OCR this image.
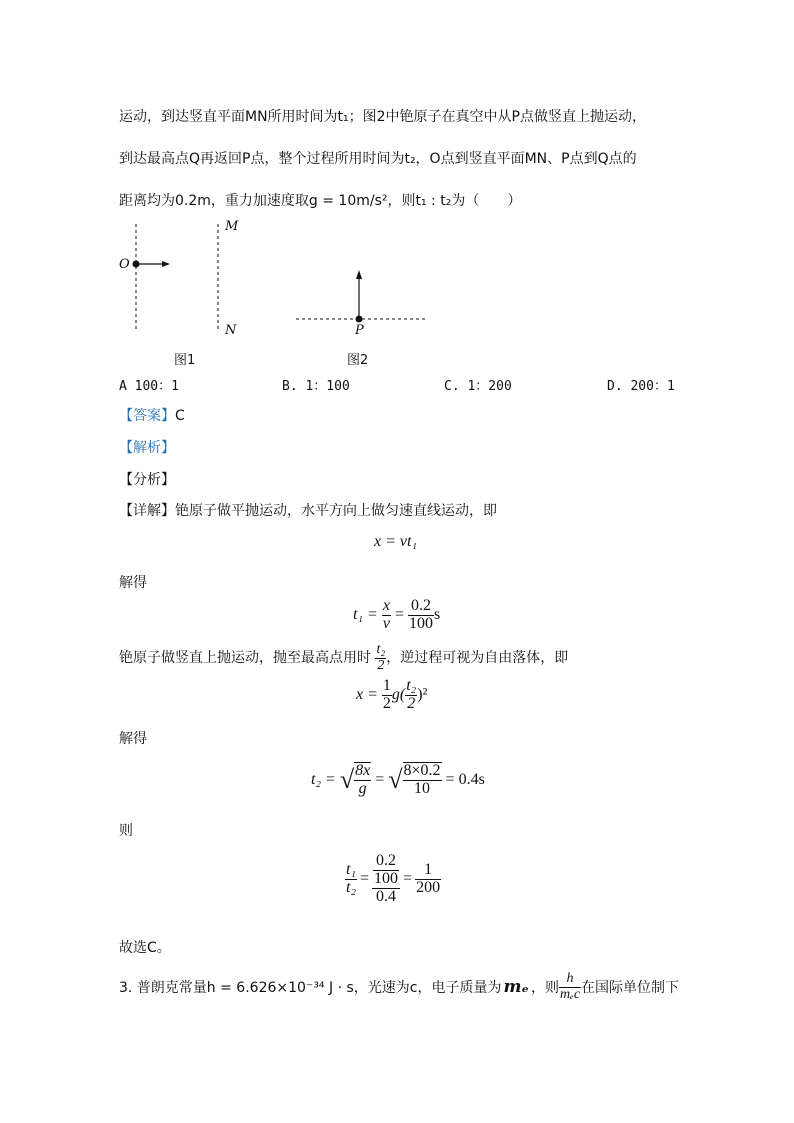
运动，到达竖直平面MN所用时间为t₁；图2中铯原子在真空中从P点做竖直上抛运动，
到达最高点Q再返回P点，整个过程所用时间为t₂，O点到竖直平面MN、P点到Q点的
距离均为0.2m，重力加速度取g = 10m/s²，则t₁ : t₂为（　　）
O
M
N	P
图1	图2
A 100：1	B. 1：100	C. 1：200	D. 200：1
【答案】C
【解析】
【分析】
【详解】铯原子做平抛运动，水平方向上做匀速直线运动，即
x = vt₁
解得
$t_1 = \frac{x}{v} = \frac{0.2}{100}$ s
铯原子做竖直上抛运动，抛至最高点用时 $\frac{\text{t₂}}{2}$ ，逆过程可视为自由落体，即
$x = \frac{1}{2} g( \frac{\text{t₂}}{2} )^2$
解得
t₂ = √ $\frac{8x}{g}$ = √ $\frac{8\times 0.2}{10} = 0.4s$
则
$\frac{\text{t₁}}{\text{t₂}} = \frac{\frac{0.2}{100}}{0.4} = \frac{1}{200}$
故选C。
3. 普朗克常量h = 6.626×10⁻³⁴ J · s，光速为c，电子质量为 mₑ ，则 $\frac{h}{\text{mₑc}}$ 在国际单位制下
